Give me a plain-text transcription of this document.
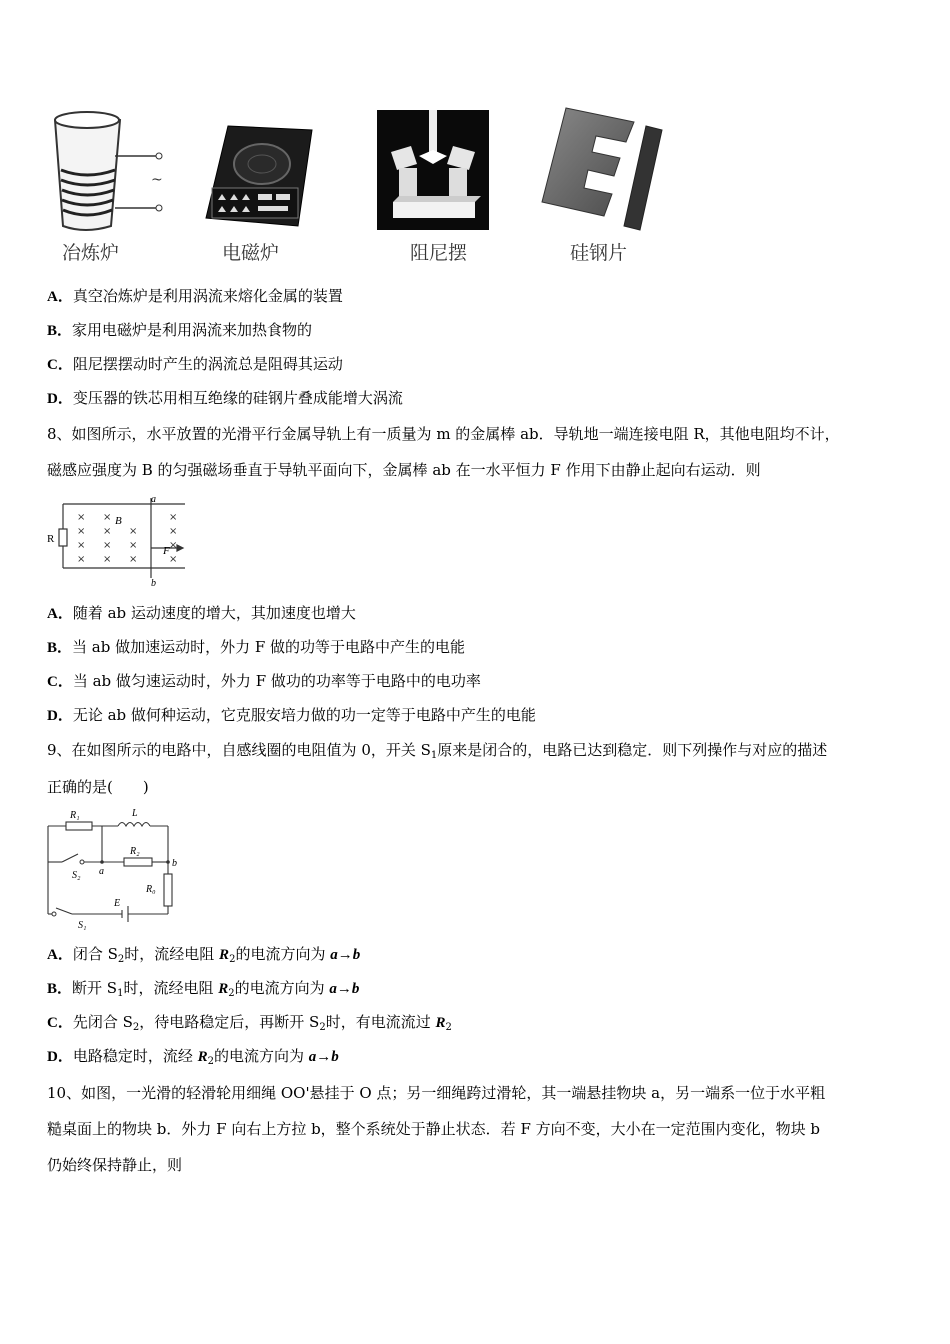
~
冶炼炉	电磁炉	阻尼摆	硅钢片
A．真空冶炼炉是利用涡流来熔化金属的装置
B．家用电磁炉是利用涡流来加热食物的
C．阻尼摆摆动时产生的涡流总是阻碍其运动
D．变压器的铁芯用相互绝缘的硅钢片叠成能增大涡流
8、如图所示，水平放置的光滑平行金属导轨上有一质量为 m 的金属棒 ab．导轨地一端连接电阻 R，其他电阻均不计，
磁感应强度为 B 的匀强磁场垂直于导轨平面向下，金属棒 ab 在一水平恒力 F 作用下由静止起向右运动．则
R
B
F
a
b
× ×	×
× × ×	×
× × ×	×
× × ×	×
A．随着 ab 运动速度的增大，其加速度也增大
B．当 ab 做加速运动时，外力 F 做的功等于电路中产生的电能
C．当 ab 做匀速运动时，外力 F 做功的功率等于电路中的电功率
D．无论 ab 做何种运动，它克服安培力做的功一定等于电路中产生的电能
9、在如图所示的电路中，自感线圈的电阻值为 0，开关 $S_1$原来是闭合的，电路已达到稳定．则下列操作与对应的描述
正确的是(　　)
R₁	L
R₂
S₂ a
b
R₀
E
S₁
A．闭合 $S_2$时，流经电阻 $R_2$的电流方向为 a→b
B．断开 $S_1$时，流经电阻 $R_2$的电流方向为 a→b
C．先闭合 $S_2$，待电路稳定后，再断开 $S_2$时，有电流流过 $R_2$
D．电路稳定时，流经 $R_2$的电流方向为 a→b
10、如图，一光滑的轻滑轮用细绳 OO'悬挂于 O 点；另一细绳跨过滑轮，其一端悬挂物块 a，另一端系一位于水平粗
糙桌面上的物块 b．外力 F 向右上方拉 b，整个系统处于静止状态．若 F 方向不变，大小在一定范围内变化，物块 b
仍始终保持静止，则
